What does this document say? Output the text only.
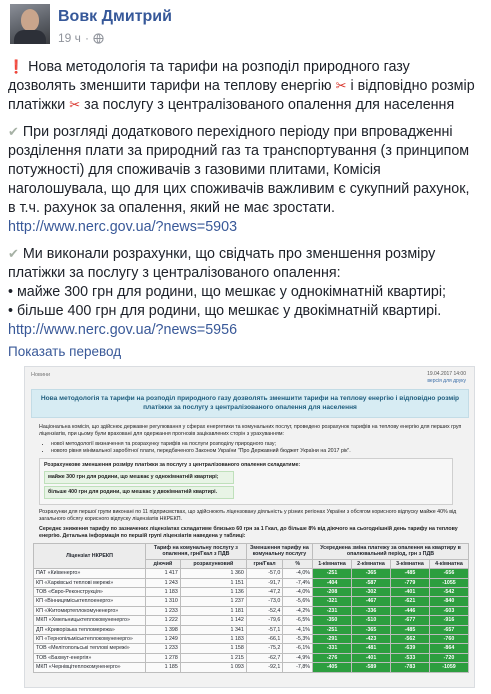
Вовк Дмитрий
19 ч ·
❗ Нова методологія та тарифи на розподіл природного газу дозволять зменшити тарифи на теплову енергію ✂ і відповідно розмір платіжки ✂ за послугу з централізованого опалення для населення
✔ При розгляді додаткового перехідного періоду при впровадженні розділення плати за природний газ та транспортування (з принципом потужності) для споживачів з газовими плитами, Комісія наголошувала, що для цих споживачів важливим є сукупний рахунок, в т.ч. рахунок за опалення, який не має зростати.
http://www.nerc.gov.ua/?news=5903
✔ Ми виконали розрахунки, що свідчать про зменшення розміру платіжки за послугу з централізованого опалення:
• майже 300 грн для родини, що мешкає у однокімнатній квартирі;
• більше 400 грн для родини, що мешкає у двокімнатній квартирі.
http://www.nerc.gov.ua/?news=5956
Показать перевод
Новини	19.04.2017 14:00
версія для друку
Нова методологія та тарифи на розподіл природного газу дозволять зменшити тарифи на теплову енергію і відповідно розмір платіжки за послугу з централізованого опалення для населення

Національна комісія, що здійснює державне регулювання у сферах енергетики та комунальних послуг, проведено розрахунок тарифів на теплову енергію для перших груп ліцензіатів, при цьому були враховані для одержання прогнозів зацікавлених сторін з урахуванням:

• нової методології визначення та розрахунку тарифів на послуги розподілу природного газу;
• нового рівня мінімальної заробітної плати, передбаченого Законом України "Про Державний бюджет України на 2017 рік".
Розрахункове зменшення розміру платіжки за послугу з централізованого опалення складатиме:
майже 300 грн для родини, що мешкає у однокімнатній квартирі;
більше 400 грн для родини, що мешкає у двокімнатній квартирі.

Розрахунки для першої групи виконані по 11 підприємствах, що здійснюють ліцензовану діяльність у різних регіонах України з обсягом корисного відпуску майже 40% від загального обсягу корисного відпуску ліцензіатів НКРЕКП.

Середнє зниження тарифу по зазначених ліцензіатах складатиме близько 60 грн за 1 Гкал, до більше 8% від діючого на сьогоднішній день тарифу на теплову енергію. Детальна інформація по першій групі ліцензіатів наведена у таблиці:

Ліцензіат НКРЕКП	Тариф на комунальну послугу з опалення, грн/Гкал з ПДВ		Зменшення тарифу на комунальну послугу		Усереднена зміна платежу за опалення на квартиру в опалювальний період, грн з ПДВ			
	діючий	розрахунковий	грн/Гкал	%	1-кімнатна	2-кімнатна	3-кімнатна	4-кімнатна
ПАТ «Київенерго»	1 417	1 360	-57,0	-4,0%	-251	-365	-485	-656
КП «Харківські теплові мережі»	1 243	1 151	-91,7	-7,4%	-404	-587	-779	-1055
ТОВ «Євро-Реконструкція»	1 183	1 136	-47,2	-4,0%	-208	-302	-401	-542
КП «Вінницяміськтеплоенерго»	1 310	1 237	-73,0	-5,6%	-321	-467	-621	-840
КП «Житомиртеплокомуненерго»	1 233	1 181	-52,4	-4,2%	-231	-336	-446	-603
МКП «Хмельницьктеплокомуненерго»	1 222	1 142	-79,6	-6,5%	-350	-510	-677	-916
ДП «Криворізька тепломережа»	1 398	1 341	-57,1	-4,1%	-251	-365	-485	-657
КП «Тернопільміськтеплокомуненерго»	1 249	1 183	-66,1	-5,3%	-291	-423	-562	-760
ТОВ «Мелітопольські теплові мережі»	1 233	1 158	-75,2	-6,1%	-331	-481	-639	-864
ТОВ «Бахмут-енергія»	1 278	1 215	-62,7	-4,9%	-276	-401	-533	-720
МКП «Чернівцітеплокомуненерго»	1 185	1 093	-92,1	-7,8%	-405	-589	-783	-1059
